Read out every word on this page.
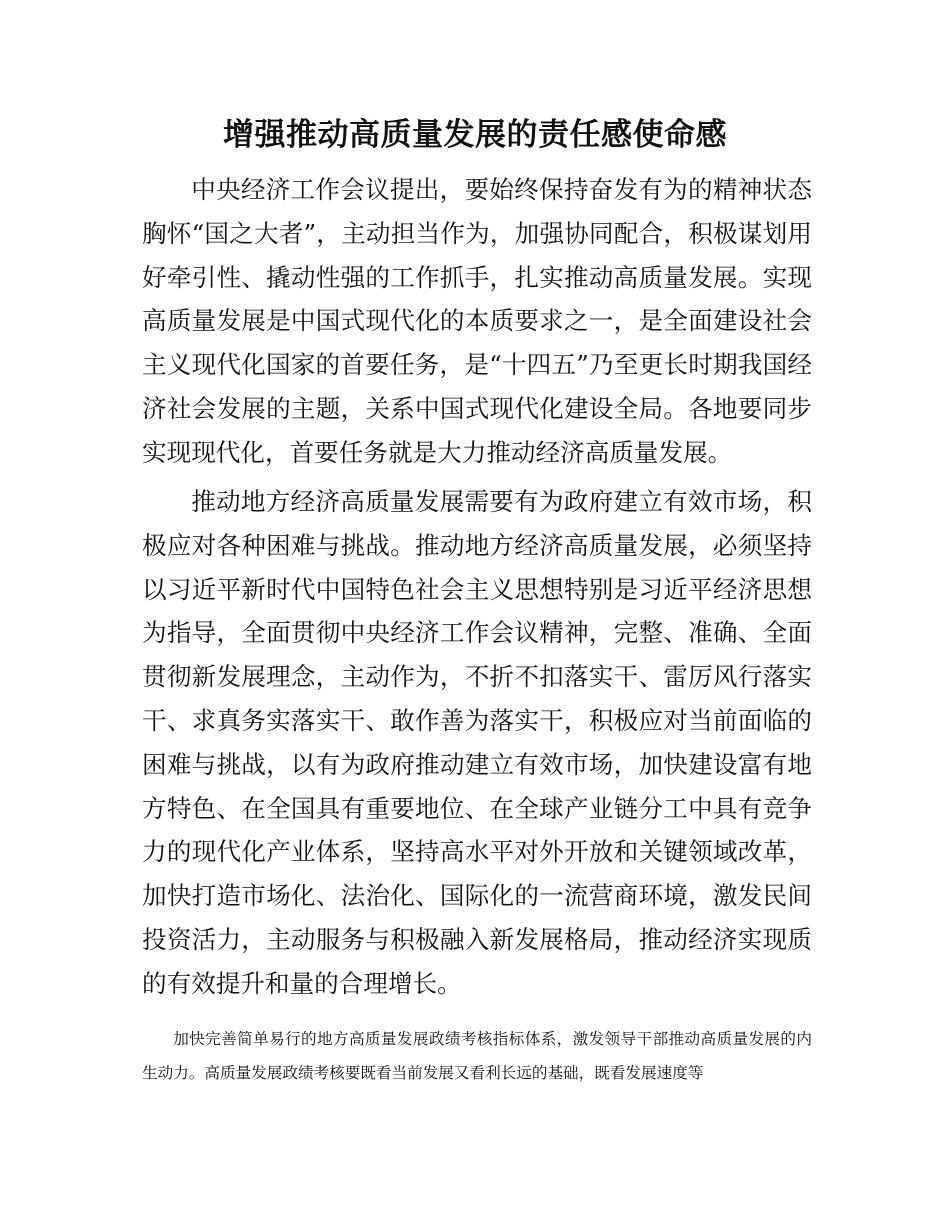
增强推动高质量发展的责任感使命感

中央经济工作会议提出，要始终保持奋发有为的精神状态胸怀“国之大者”，主动担当作为，加强协同配合，积极谋划用好牵引性、撬动性强的工作抓手，扎实推动高质量发展。实现高质量发展是中国式现代化的本质要求之一，是全面建设社会主义现代化国家的首要任务，是“十四五”乃至更长时期我国经济社会发展的主题，关系中国式现代化建设全局。各地要同步实现现代化，首要任务就是大力推动经济高质量发展。

推动地方经济高质量发展需要有为政府建立有效市场，积极应对各种困难与挑战。推动地方经济高质量发展，必须坚持以习近平新时代中国特色社会主义思想特别是习近平经济思想为指导，全面贯彻中央经济工作会议精神，完整、准确、全面贯彻新发展理念，主动作为，不折不扣落实干、雷厉风行落实干、求真务实落实干、敢作善为落实干，积极应对当前面临的困难与挑战，以有为政府推动建立有效市场，加快建设富有地方特色、在全国具有重要地位、在全球产业链分工中具有竞争力的现代化产业体系，坚持高水平对外开放和关键领域改革，加快打造市场化、法治化、国际化的一流营商环境，激发民间投资活力，主动服务与积极融入新发展格局，推动经济实现质的有效提升和量的合理增长。

加快完善简单易行的地方高质量发展政绩考核指标体系，激发领导干部推动高质量发展的内生动力。高质量发展政绩考核要既看当前发展又看利长远的基础，既看发展速度等
